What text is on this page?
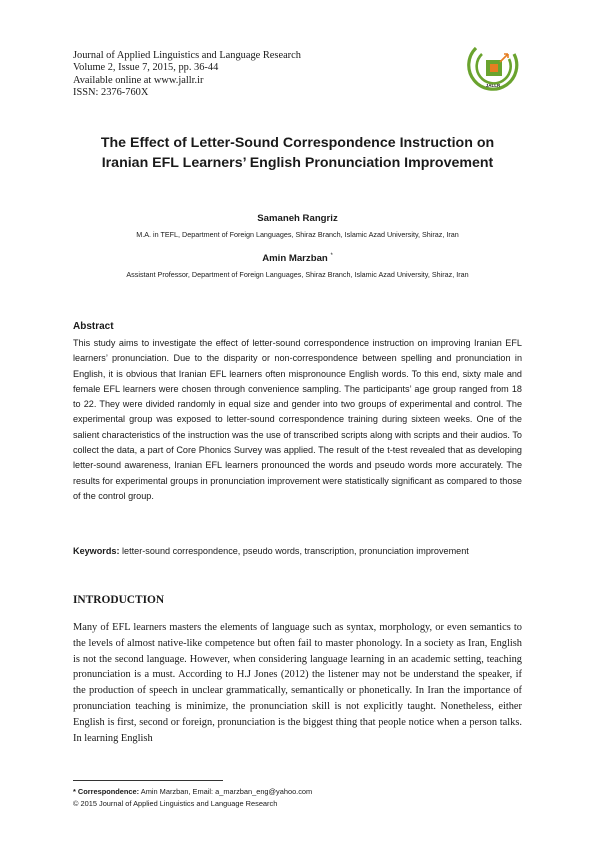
Journal of Applied Linguistics and Language Research
Volume 2, Issue 7, 2015, pp. 36-44
Available online at www.jallr.ir
ISSN: 2376-760X
JALLR
The Effect of Letter-Sound Correspondence Instruction on
Iranian EFL Learners’ English Pronunciation Improvement
Samaneh Rangriz
M.A. in TEFL, Department of Foreign Languages, Shiraz Branch, Islamic Azad University, Shiraz, Iran
Amin Marzban *
Assistant Professor, Department of Foreign Languages, Shiraz Branch, Islamic Azad University, Shiraz, Iran
Abstract
This study aims to investigate the effect of letter-sound correspondence instruction on improving Iranian EFL learners’ pronunciation. Due to the disparity or non-correspondence between spelling and pronunciation in English, it is obvious that Iranian EFL learners often mispronounce English words. To this end, sixty male and female EFL learners were chosen through convenience sampling. The participants’ age group ranged from 18 to 22. They were divided randomly in equal size and gender into two groups of experimental and control. The experimental group was exposed to letter-sound correspondence training during sixteen weeks. One of the salient characteristics of the instruction was the use of transcribed scripts along with scripts and their audios. To collect the data, a part of Core Phonics Survey was applied. The result of the t-test revealed that as developing letter-sound awareness, Iranian EFL learners pronounced the words and pseudo words more accurately. The results for experimental groups in pronunciation improvement were statistically significant as compared to those of the control group.
Keywords: letter-sound correspondence, pseudo words, transcription, pronunciation improvement
INTRODUCTION
Many of EFL learners masters the elements of language such as syntax, morphology, or even semantics to the levels of almost native-like competence but often fail to master phonology. In a society as Iran, English is not the second language. However, when considering language learning in an academic setting, teaching pronunciation is a must. According to H.J Jones (2012) the listener may not be understand the speaker, if the production of speech in unclear grammatically, semantically or phonetically. In Iran the importance of pronunciation teaching is minimize, the pronunciation skill is not explicitly taught. Nonetheless, either English is first, second or foreign, pronunciation is the biggest thing that people notice when a person talks. In learning English
* Correspondence: Amin Marzban, Email: a_marzban_eng@yahoo.com
© 2015 Journal of Applied Linguistics and Language Research
